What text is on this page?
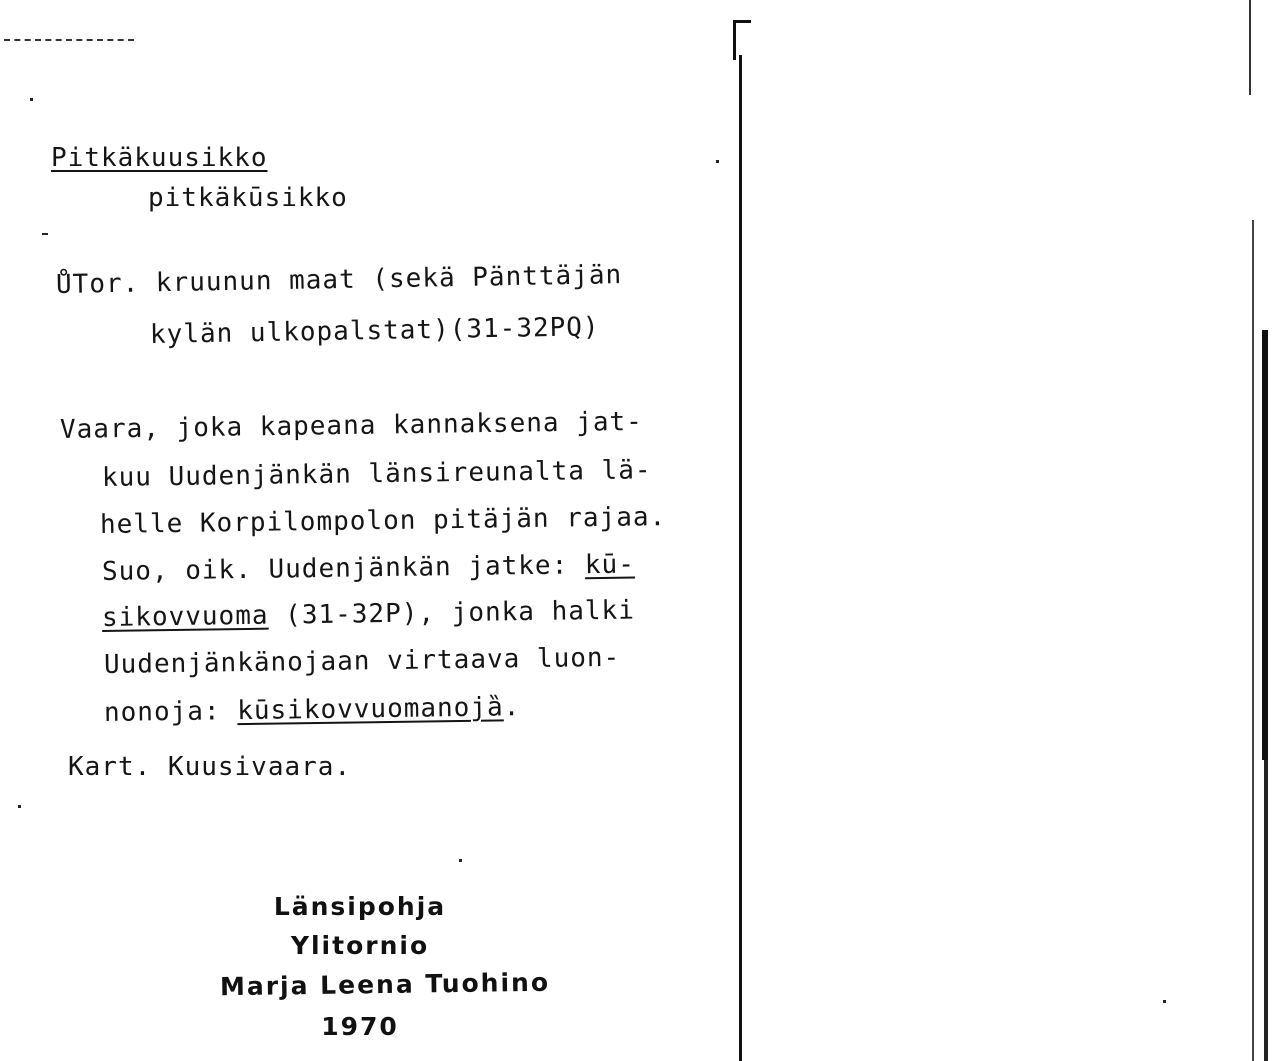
Pitkäkuusikko
pitkäkūsikko
ŮTor. kruunun maat (sekä Pänttäjän
kylän ulkopalstat)(31-32PQ)
Vaara, joka kapeana kannaksena jat-
kuu Uudenjänkän länsireunalta lä-
helle Korpilompolon pitäjän rajaa.
Suo, oik. Uudenjänkän jatke: kū-
sikovvuoma (31-32P), jonka halki
Uudenjänkänojaan virtaava luon-
nonoja: kūsikovvuomanojȁ.
Kart. Kuusivaara.
Länsipohja
Ylitornio
Marja Leena Tuohino
1970
